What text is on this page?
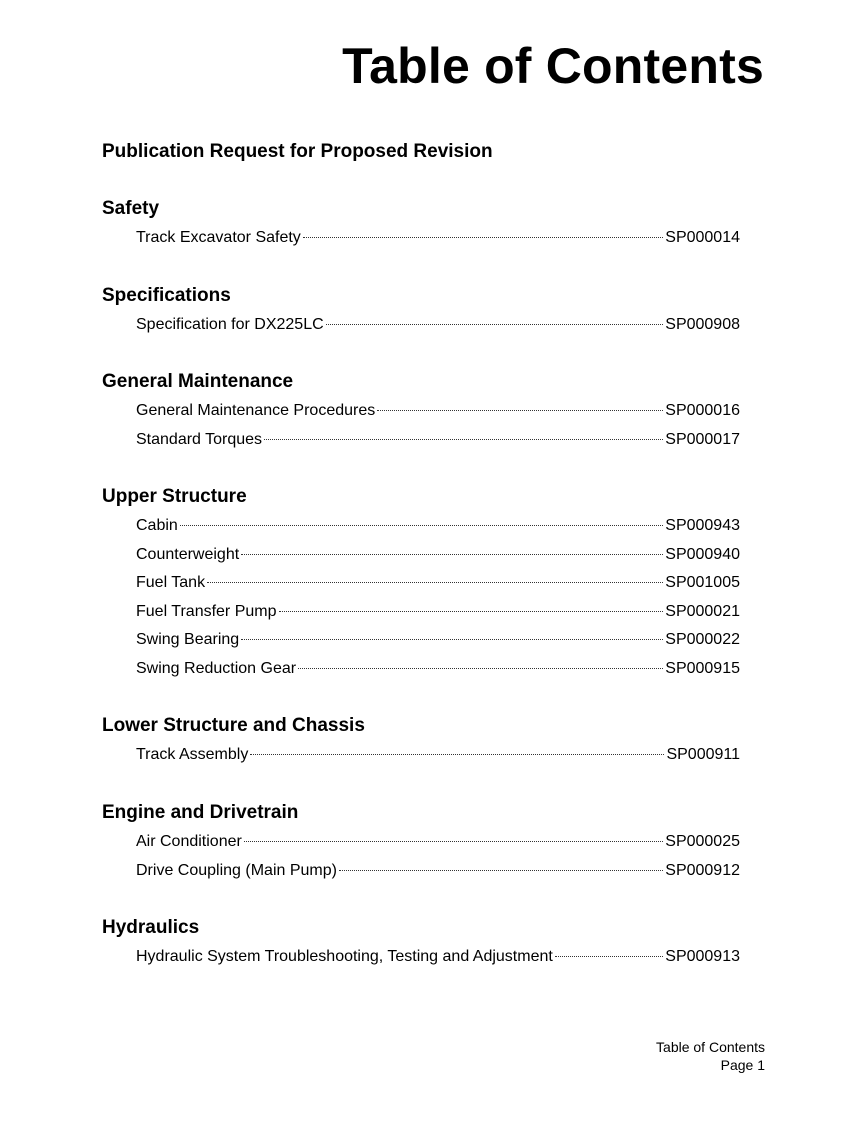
Table of Contents
Publication Request for Proposed Revision
Safety
Track Excavator Safety	SP000014
Specifications
Specification for DX225LC	SP000908
General Maintenance
General Maintenance Procedures	SP000016
Standard Torques	SP000017
Upper Structure
Cabin	SP000943
Counterweight	SP000940
Fuel Tank	SP001005
Fuel Transfer Pump	SP000021
Swing Bearing	SP000022
Swing Reduction Gear	SP000915
Lower Structure and Chassis
Track Assembly	SP000911
Engine and Drivetrain
Air Conditioner	SP000025
Drive Coupling (Main Pump)	SP000912
Hydraulics
Hydraulic System Troubleshooting, Testing and Adjustment	SP000913
Table of Contents
Page 1
